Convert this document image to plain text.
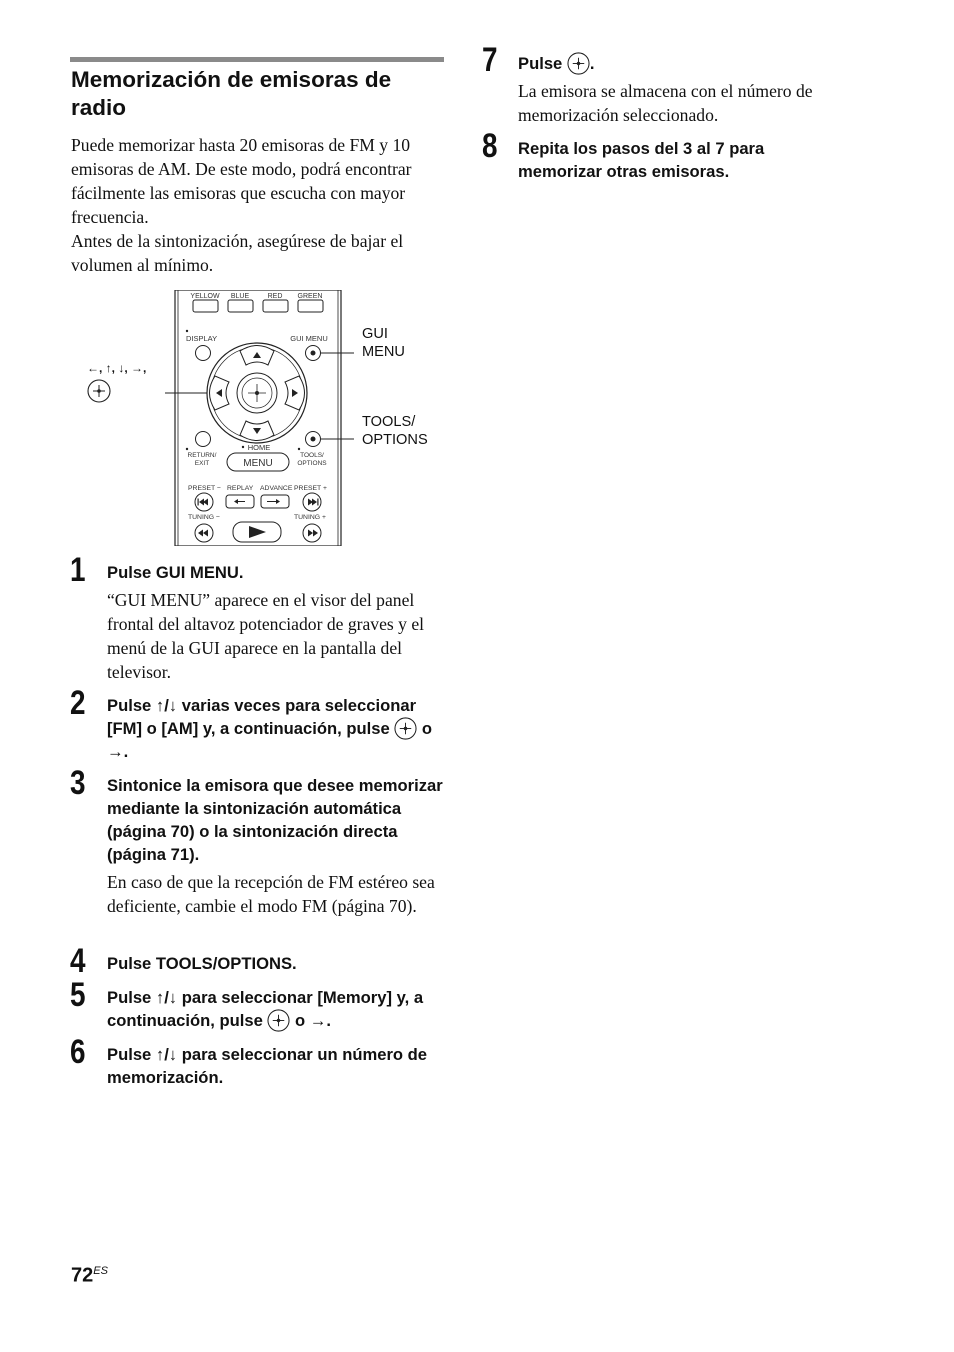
Memorización de emisoras de radio

Puede memorizar hasta 20 emisoras de FM y 10 emisoras de AM. De este modo, podrá encontrar fácilmente las emisoras que escucha con mayor frecuencia.

Antes de la sintonización, asegúrese de bajar el volumen al mínimo.

YELLOW BLUE	RED GREEN
DISPLAY	GUI MENU
RETURN/
EXIT
HOME
MENU
TOOLS/
OPTIONS
PRESET − REPLAY ADVANCE PRESET +
TUNING −	TUNING +
←, ↑, ↓, →,
GUI
MENU
TOOLS/
OPTIONS
1 Pulse GUI MENU.
“GUI MENU” aparece en el visor del panel frontal del altavoz potenciador de graves y el menú de la GUI aparece en la pantalla del televisor.
2 Pulse ↑/↓ varias veces para seleccionar [FM] o [AM] y, a continuación, pulse  o →.
3 Sintonice la emisora que desee memorizar mediante la sintonización automática (página 70) o la sintonización directa (página 71).
En caso de que la recepción de FM estéreo sea deficiente, cambie el modo FM (página 70).
4 Pulse TOOLS/OPTIONS.
5 Pulse ↑/↓ para seleccionar [Memory] y, a continuación, pulse  o →.
6 Pulse ↑/↓ para seleccionar un número de memorización.
7 Pulse .
La emisora se almacena con el número de memorización seleccionado.
8 Repita los pasos del 3 al 7 para memorizar otras emisoras.
$72^{ES}$
